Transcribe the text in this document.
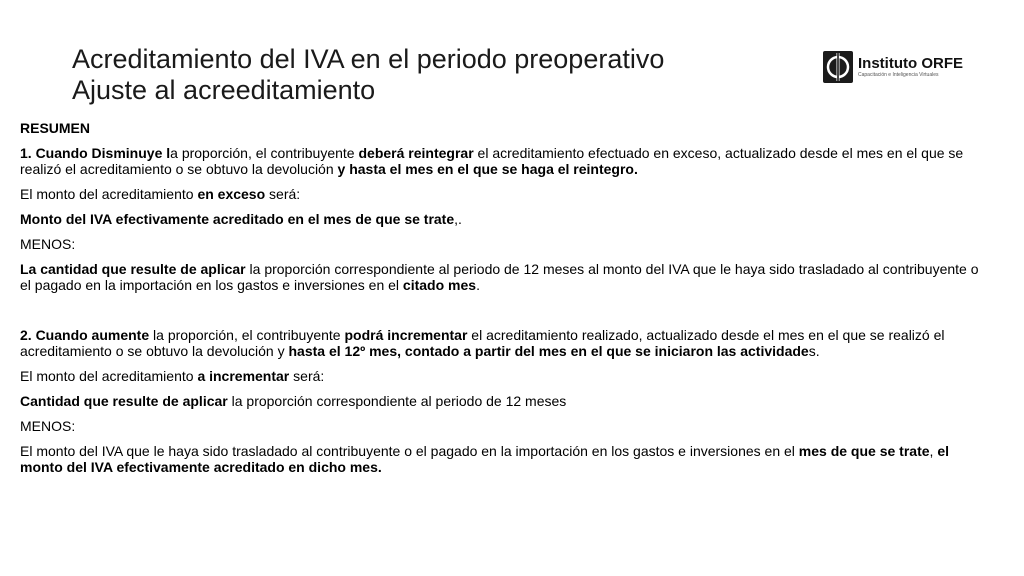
Acreditamiento del IVA en el periodo preoperativo
Ajuste al acreeditamiento
Instituto ORFE
Capacitación e Inteligencia Virtuales

RESUMEN

1. Cuando Disminuye la proporción, el contribuyente deberá reintegrar el acreditamiento efectuado en exceso, actualizado desde el mes en el que se realizó el acreditamiento o se obtuvo la devolución y hasta el mes en el que se haga el reintegro.

El monto del acreditamiento en exceso será:

Monto del IVA efectivamente acreditado en el mes de que se trate,.

MENOS:

La cantidad que resulte de aplicar la proporción correspondiente al periodo de 12 meses al monto del IVA que le haya sido trasladado al contribuyente o el pagado en la importación en los gastos e inversiones en el citado mes.

2. Cuando aumente la proporción, el contribuyente podrá incrementar el acreditamiento realizado, actualizado desde el mes en el que se realizó el acreditamiento o se obtuvo la devolución y hasta el 12º mes, contado a partir del mes en el que se iniciaron las actividades.

El monto del acreditamiento a incrementar será:

Cantidad que resulte de aplicar la proporción correspondiente al periodo de 12 meses

MENOS:

El monto del IVA que le haya sido trasladado al contribuyente o el pagado en la importación en los gastos e inversiones en el mes de que se trate, el monto del IVA efectivamente acreditado en dicho mes.
